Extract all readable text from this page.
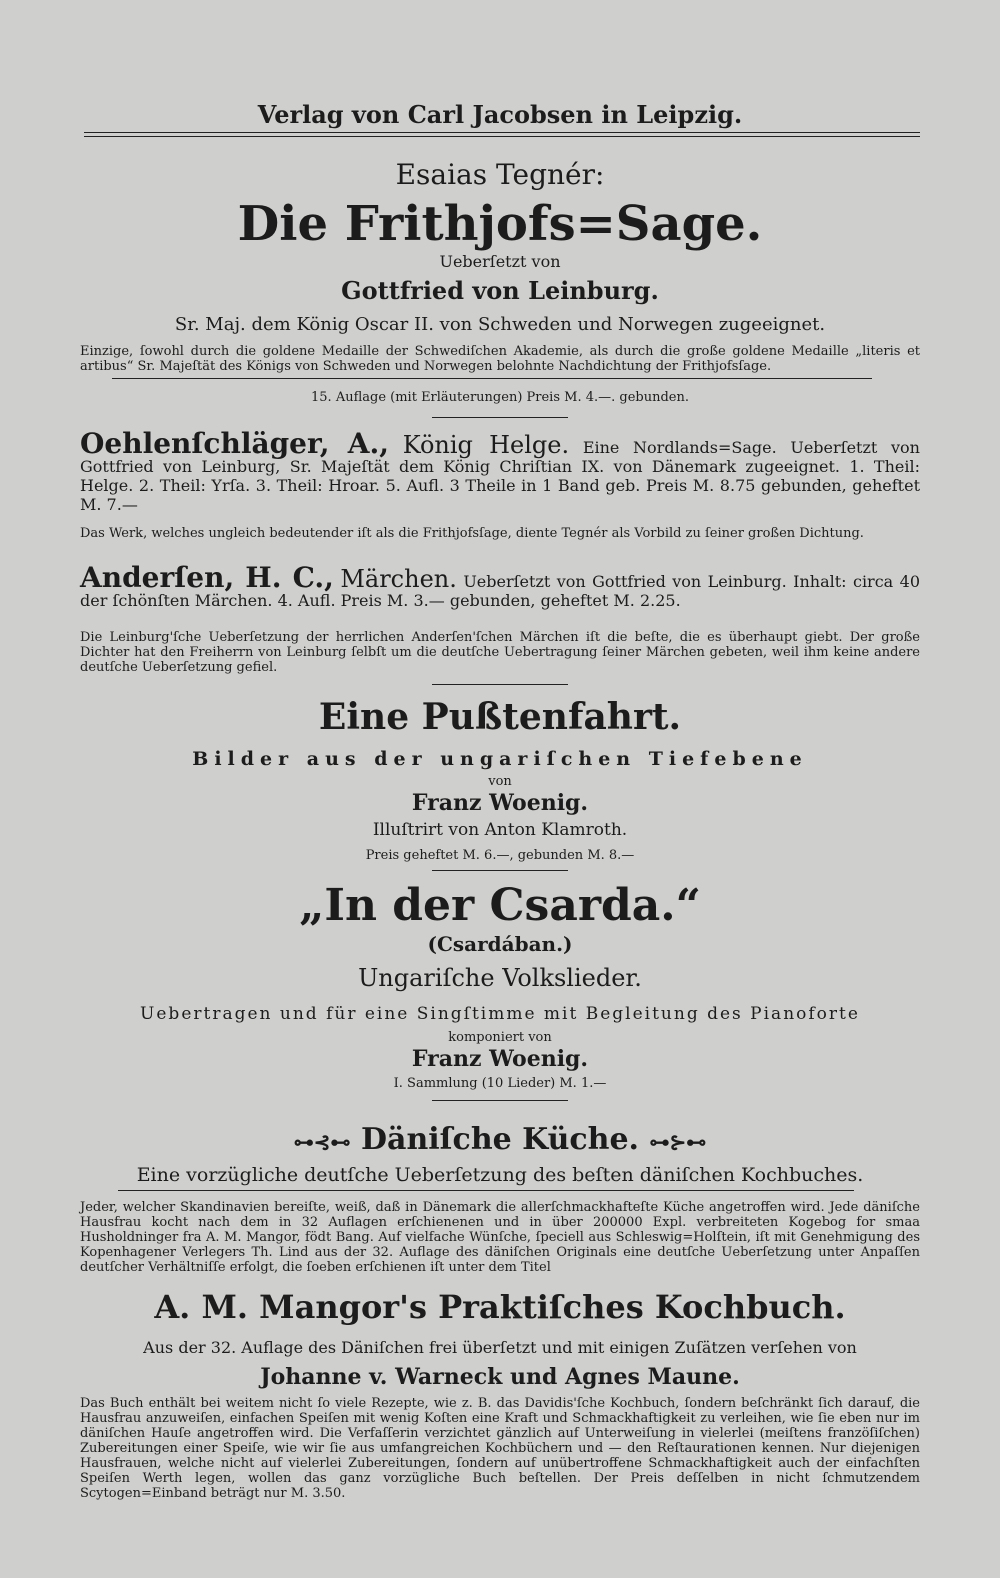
Verlag von Carl Jacobsen in Leipzig.
Esaias Tegnér:
Die Frithjofs=Sage.
Ueberſetzt von
Gottfried von Leinburg.
Sr. Maj. dem König Oscar II. von Schweden und Norwegen zugeeignet.
Einzige, ſowohl durch die goldene Medaille der Schwediſchen Akademie, als durch die große goldene Medaille „literis et artibus“ Sr. Majeſtät des Königs von Schweden und Norwegen belohnte Nachdichtung der Frithjofsſage.
15. Auflage (mit Erläuterungen) Preis M. 4.—. gebunden.
Oehlenſchläger, A., König Helge. Eine Nordlands=Sage. Ueberſetzt von Gottfried von Leinburg, Sr. Majeſtät dem König Chriſtian IX. von Dänemark zugeeignet. 1. Theil: Helge. 2. Theil: Yrſa. 3. Theil: Hroar. 5. Aufl. 3 Theile in 1 Band geb. Preis M. 8.75 gebunden, geheftet M. 7.—
Das Werk, welches ungleich bedeutender iſt als die Frithjofsſage, diente Tegnér als Vorbild zu ſeiner großen Dichtung.
Anderſen, H. C., Märchen. Ueberſetzt von Gottfried von Leinburg. Inhalt: circa 40 der ſchönſten Märchen. 4. Aufl. Preis M. 3.— gebunden, geheftet M. 2.25.
Die Leinburg'ſche Ueberſetzung der herrlichen Anderſen'ſchen Märchen iſt die beſte, die es überhaupt giebt. Der große Dichter hat den Freiherrn von Leinburg ſelbſt um die deutſche Uebertragung ſeiner Märchen gebeten, weil ihm keine andere deutſche Ueberſetzung gefiel.
Eine Pußtenfahrt.
Bilder aus der ungariſchen Tiefebene
von
Franz Woenig.
Illuſtrirt von Anton Klamroth.
Preis geheftet M. 6.—, gebunden M. 8.—
„In der Csarda.“
(Csardában.)
Ungariſche Volkslieder.
Uebertragen und für eine Singſtimme mit Begleitung des Pianoforte
komponiert von
Franz Woenig.
I. Sammlung (10 Lieder) M. 1.—
⊶⊰⊷ Däniſche Küche. ⊶⊱⊷
Eine vorzügliche deutſche Ueberſetzung des beſten däniſchen Kochbuches.
Jeder, welcher Skandinavien bereiſte, weiß, daß in Dänemark die allerſchmackhafteſte Küche angetroffen wird. Jede däniſche Hausfrau kocht nach dem in 32 Auflagen erſchienenen und in über 200000 Expl. verbreiteten Kogebog for smaa Husholdninger fra A. M. Mangor, födt Bang. Auf vielfache Wünſche, ſpeciell aus Schleswig=Holſtein, iſt mit Genehmigung des Kopenhagener Verlegers Th. Lind aus der 32. Auflage des däniſchen Originals eine deutſche Ueberſetzung unter Anpaſſen deutſcher Verhältniſſe erfolgt, die ſoeben erſchienen iſt unter dem Titel
A. M. Mangor's Praktiſches Kochbuch.
Aus der 32. Auflage des Däniſchen frei überſetzt und mit einigen Zuſätzen verſehen von
Johanne v. Warneck und Agnes Maune.
Das Buch enthält bei weitem nicht ſo viele Rezepte, wie z. B. das Davidis'ſche Kochbuch, ſondern beſchränkt ſich darauf, die Hausfrau anzuweiſen, einfachen Speiſen mit wenig Koſten eine Kraft und Schmackhaftigkeit zu verleihen, wie ſie eben nur im däniſchen Hauſe angetroffen wird. Die Verfaſſerin verzichtet gänzlich auf Unterweiſung in vielerlei (meiſtens franzöſiſchen) Zubereitungen einer Speiſe, wie wir ſie aus umfangreichen Kochbüchern und — den Reſtaurationen kennen. Nur diejenigen Hausfrauen, welche nicht auf vielerlei Zubereitungen, ſondern auf unübertroffene Schmackhaftigkeit auch der einfachſten Speiſen Werth legen, wollen das ganz vorzügliche Buch beſtellen. Der Preis deſſelben in nicht ſchmutzendem Scytogen=Einband beträgt nur M. 3.50.
